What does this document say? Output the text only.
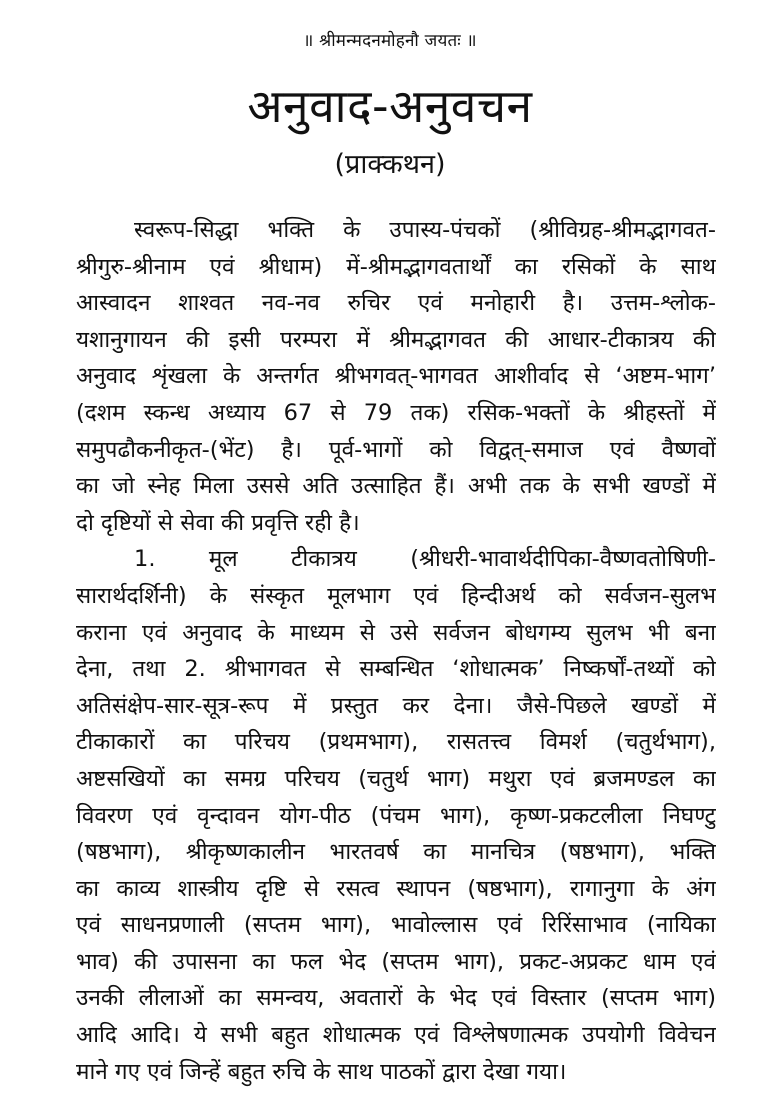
॥ श्रीमन्मदनमोहनौ जयतः ॥
अनुवाद-अनुवचन
(प्राक्कथन)
स्वरूप-सिद्धा भक्ति के उपास्य-पंचकों (श्रीविग्रह-श्रीमद्भागवत-
श्रीगुरु-श्रीनाम एवं श्रीधाम) में-श्रीमद्भागवतार्थों का रसिकों के साथ
आस्वादन शाश्वत नव-नव रुचिर एवं मनोहारी है। उत्तम-श्लोक-
यशानुगायन की इसी परम्परा में श्रीमद्भागवत की आधार-टीकात्रय की
अनुवाद शृंखला के अन्तर्गत श्रीभगवत्-भागवत आशीर्वाद से ‘अष्टम-भाग’
(दशम स्कन्ध अध्याय 67 से 79 तक) रसिक-भक्तों के श्रीहस्तों में
समुपढौकनीकृत-(भेंट) है। पूर्व-भागों को विद्वत्-समाज एवं वैष्णवों
का जो स्नेह मिला उससे अति उत्साहित हैं। अभी तक के सभी खण्डों में
दो दृष्टियों से सेवा की प्रवृत्ति रही है।
1. मूल टीकात्रय (श्रीधरी-भावार्थदीपिका-वैष्णवतोषिणी-
सारार्थदर्शिनी) के संस्कृत मूलभाग एवं हिन्दीअर्थ को सर्वजन-सुलभ
कराना एवं अनुवाद के माध्यम से उसे सर्वजन बोधगम्य सुलभ भी बना
देना, तथा 2. श्रीभागवत से सम्बन्धित ‘शोधात्मक’ निष्कर्षों-तथ्यों को
अतिसंक्षेप-सार-सूत्र-रूप में प्रस्तुत कर देना। जैसे-पिछले खण्डों में
टीकाकारों का परिचय (प्रथमभाग), रासतत्त्व विमर्श (चतुर्थभाग),
अष्टसखियों का समग्र परिचय (चतुर्थ भाग) मथुरा एवं ब्रजमण्डल का
विवरण एवं वृन्दावन योग-पीठ (पंचम भाग), कृष्ण-प्रकटलीला निघण्टु
(षष्ठभाग), श्रीकृष्णकालीन भारतवर्ष का मानचित्र (षष्ठभाग), भक्ति
का काव्य शास्त्रीय दृष्टि से रसत्व स्थापन (षष्ठभाग), रागानुगा के अंग
एवं साधनप्रणाली (सप्तम भाग), भावोल्लास एवं रिरिंसाभाव (नायिका
भाव) की उपासना का फल भेद (सप्तम भाग), प्रकट-अप्रकट धाम एवं
उनकी लीलाओं का समन्वय, अवतारों के भेद एवं विस्तार (सप्तम भाग)
आदि आदि। ये सभी बहुत शोधात्मक एवं विश्लेषणात्मक उपयोगी विवेचन
माने गए एवं जिन्हें बहुत रुचि के साथ पाठकों द्वारा देखा गया।
